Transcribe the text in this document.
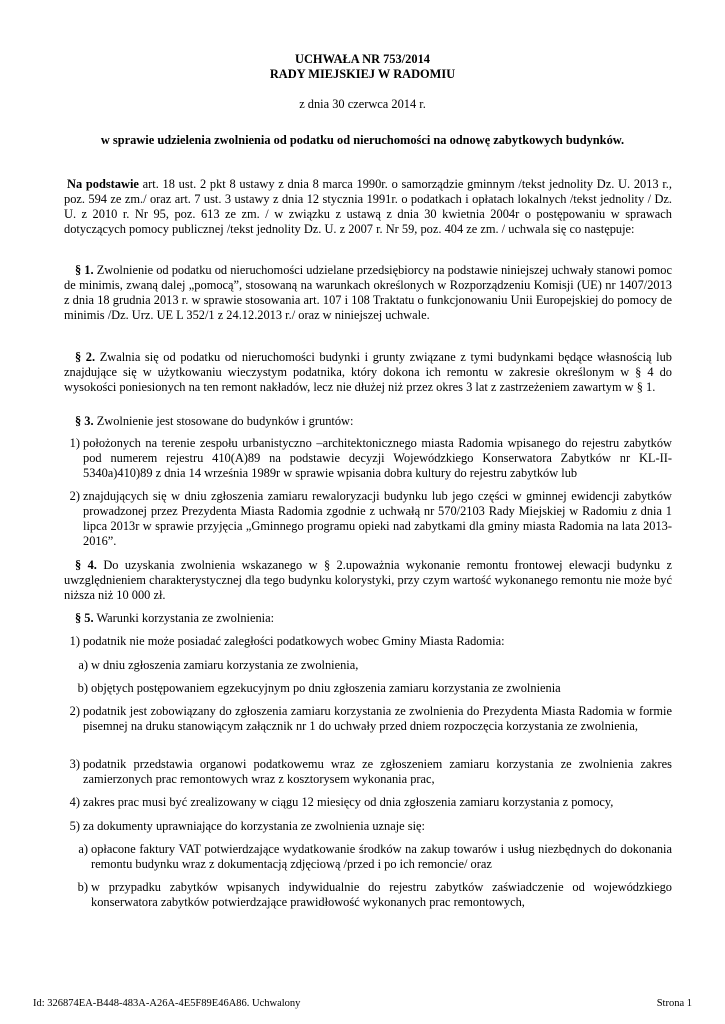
UCHWAŁA NR 753/2014
RADY MIEJSKIEJ W RADOMIU
z dnia 30 czerwca 2014 r.
w sprawie udzielenia zwolnienia od podatku od nieruchomości na odnowę zabytkowych budynków.
Na podstawie art. 18 ust. 2 pkt 8 ustawy z dnia 8 marca 1990r. o samorządzie gminnym /tekst jednolity Dz. U. 2013 r., poz. 594 ze zm./ oraz art. 7 ust. 3 ustawy z dnia 12 stycznia 1991r. o podatkach i opłatach lokalnych /tekst jednolity / Dz. U. z 2010 r. Nr 95, poz. 613 ze zm. / w związku z ustawą z dnia 30 kwietnia 2004r o postępowaniu w sprawach dotyczących pomocy publicznej /tekst jednolity Dz. U. z 2007 r. Nr 59, poz. 404 ze zm. / uchwala się co następuje:
§ 1. Zwolnienie od podatku od nieruchomości udzielane przedsiębiorcy na podstawie niniejszej uchwały stanowi pomoc de minimis, zwaną dalej „pomocą”, stosowaną na warunkach określonych w Rozporządzeniu Komisji (UE) nr 1407/2013 z dnia 18 grudnia 2013 r. w sprawie stosowania art. 107 i 108 Traktatu o funkcjonowaniu Unii Europejskiej do pomocy de minimis /Dz. Urz. UE L 352/1 z 24.12.2013 r./ oraz w niniejszej uchwale.
§ 2. Zwalnia się od podatku od nieruchomości budynki i grunty związane z tymi budynkami będące własnością lub znajdujące się w użytkowaniu wieczystym podatnika, który dokona ich remontu w zakresie określonym w § 4 do wysokości poniesionych na ten remont nakładów, lecz nie dłużej niż przez okres 3 lat z zastrzeżeniem zawartym w § 1.
§ 3. Zwolnienie jest stosowane do budynków i gruntów:
1) położonych na terenie zespołu urbanistyczno –architektonicznego miasta Radomia wpisanego do rejestru zabytków pod numerem rejestru 410(A)89 na podstawie decyzji Wojewódzkiego Konserwatora Zabytków nr KL-II-5340a)410)89 z dnia 14 września 1989r w sprawie wpisania dobra kultury do rejestru zabytków lub
2) znajdujących się w dniu zgłoszenia zamiaru rewaloryzacji budynku lub jego części w gminnej ewidencji zabytków prowadzonej przez Prezydenta Miasta Radomia zgodnie z uchwałą nr 570/2103 Rady Miejskiej w Radomiu z dnia 1 lipca 2013r w sprawie przyjęcia „Gminnego programu opieki nad zabytkami dla gminy miasta Radomia na lata 2013-2016”.
§ 4. Do uzyskania zwolnienia wskazanego w § 2.upoważnia wykonanie remontu frontowej elewacji budynku z uwzględnieniem charakterystycznej dla tego budynku kolorystyki, przy czym wartość wykonanego remontu nie może być niższa niż 10 000 zł.
§ 5. Warunki korzystania ze zwolnienia:
1) podatnik nie może posiadać zaległości podatkowych wobec Gminy Miasta Radomia:
a) w dniu zgłoszenia zamiaru korzystania ze zwolnienia,
b) objętych postępowaniem egzekucyjnym po dniu zgłoszenia zamiaru korzystania ze zwolnienia
2) podatnik jest zobowiązany do zgłoszenia zamiaru korzystania ze zwolnienia do Prezydenta Miasta Radomia w formie pisemnej na druku stanowiącym załącznik nr 1 do uchwały przed dniem rozpoczęcia korzystania ze zwolnienia,
3) podatnik przedstawia organowi podatkowemu wraz ze zgłoszeniem zamiaru korzystania ze zwolnienia zakres zamierzonych prac remontowych wraz z kosztorysem wykonania prac,
4) zakres prac musi być zrealizowany w ciągu 12 miesięcy od dnia zgłoszenia zamiaru korzystania z pomocy,
5) za dokumenty uprawniające do korzystania ze zwolnienia uznaje się:
a) opłacone faktury VAT potwierdzające wydatkowanie środków na zakup towarów i usług niezbędnych do dokonania remontu budynku wraz z dokumentacją zdjęciową /przed i po ich remoncie/ oraz
b) w przypadku zabytków wpisanych indywidualnie do rejestru zabytków zaświadczenie od wojewódzkiego konserwatora zabytków potwierdzające prawidłowość wykonanych prac remontowych,
Id: 326874EA-B448-483A-A26A-4E5F89E46A86. Uchwalony	Strona 1
